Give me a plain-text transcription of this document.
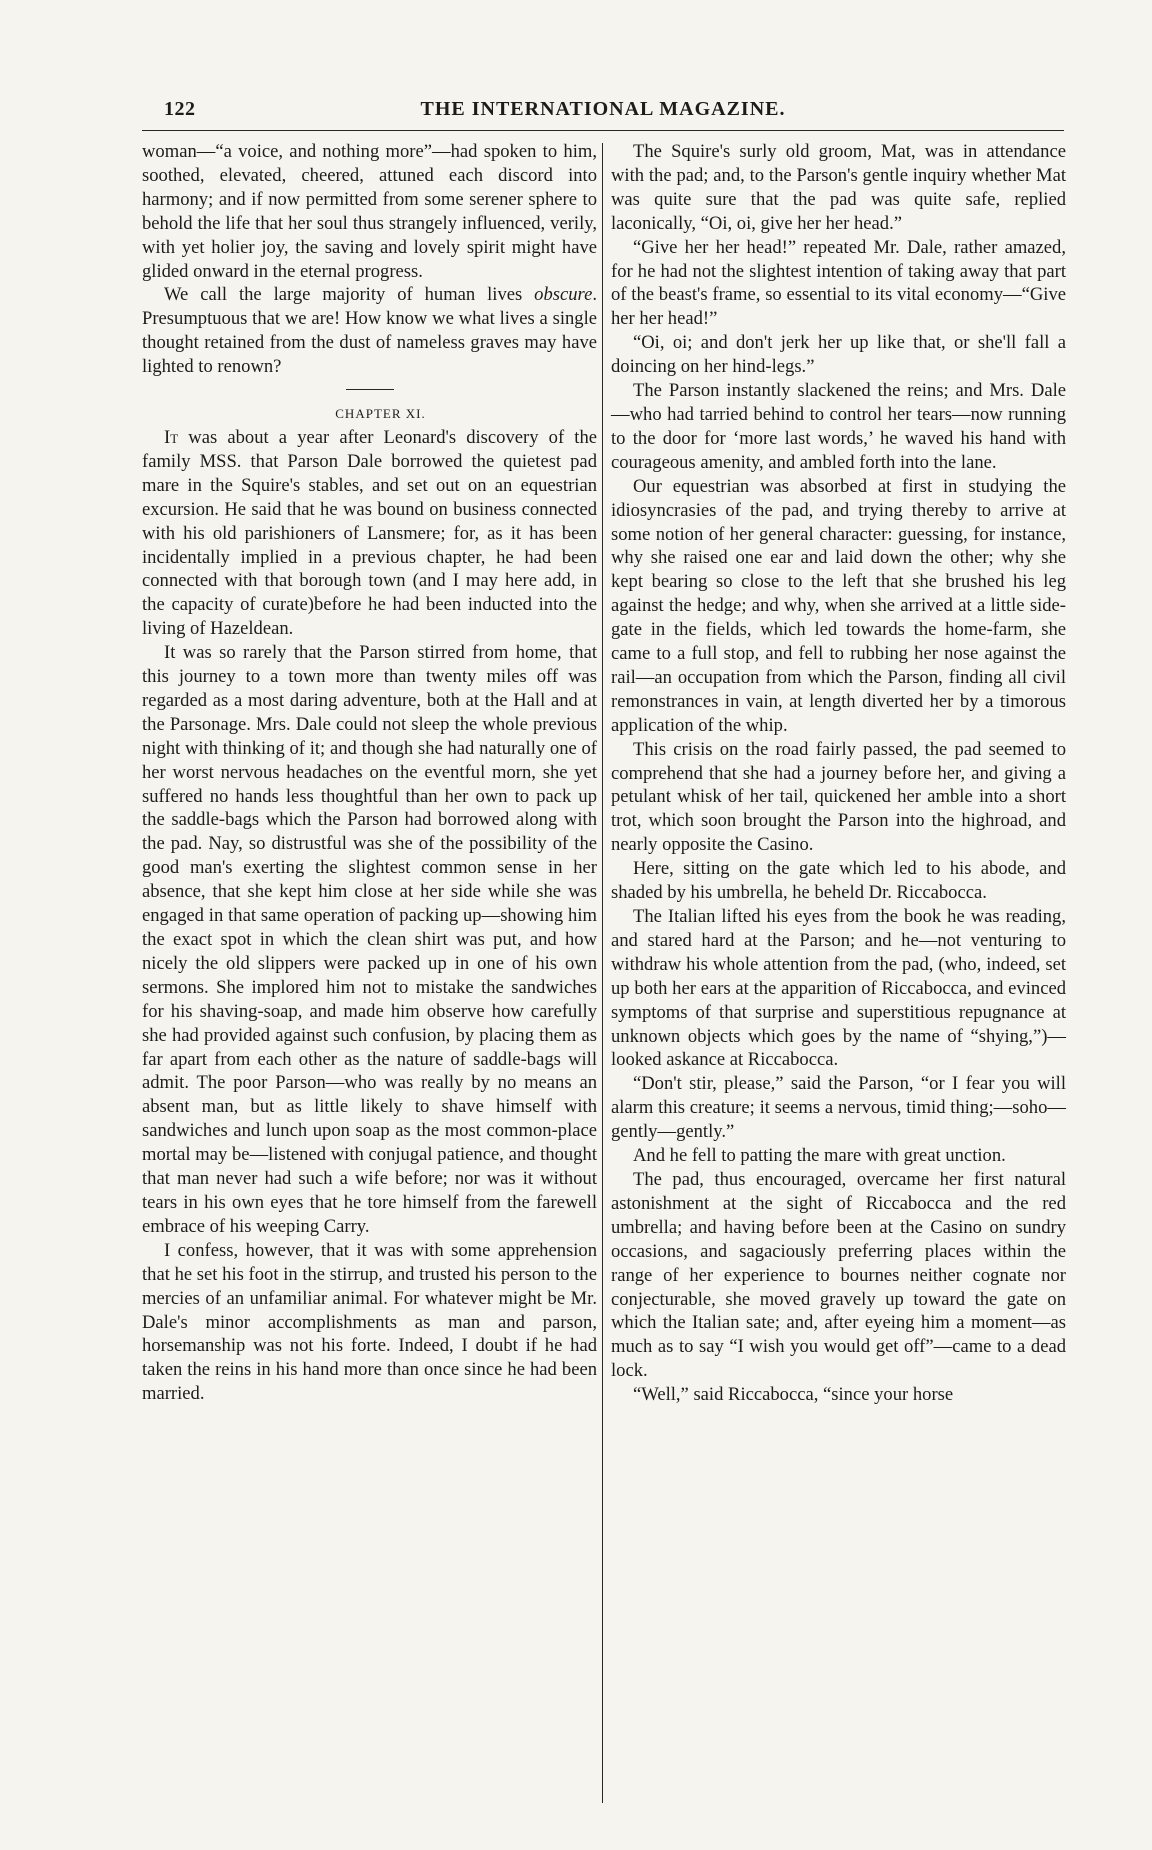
122	THE INTERNATIONAL MAGAZINE.

woman—“a voice, and nothing more”—had spoken to him, soothed, elevated, cheered, attuned each discord into harmony; and if now permitted from some serener sphere to behold the life that her soul thus strangely influenced, verily, with yet holier joy, the saving and lovely spirit might have glided onward in the eternal progress.

We call the large majority of human lives obscure. Presumptuous that we are! How know we what lives a single thought retained from the dust of nameless graves may have lighted to renown?

CHAPTER XI.

It was about a year after Leonard's discovery of the family MSS. that Parson Dale borrowed the quietest pad mare in the Squire's stables, and set out on an equestrian excursion. He said that he was bound on business connected with his old parishioners of Lansmere; for, as it has been incidentally implied in a previous chapter, he had been connected with that borough town (and I may here add, in the capacity of curate)before he had been inducted into the living of Hazeldean.

It was so rarely that the Parson stirred from home, that this journey to a town more than twenty miles off was regarded as a most daring adventure, both at the Hall and at the Parsonage. Mrs. Dale could not sleep the whole previous night with thinking of it; and though she had naturally one of her worst nervous headaches on the eventful morn, she yet suffered no hands less thoughtful than her own to pack up the saddle-bags which the Parson had borrowed along with the pad. Nay, so distrustful was she of the possibility of the good man's exerting the slightest common sense in her absence, that she kept him close at her side while she was engaged in that same operation of packing up—showing him the exact spot in which the clean shirt was put, and how nicely the old slippers were packed up in one of his own sermons. She implored him not to mistake the sandwiches for his shaving-soap, and made him observe how carefully she had provided against such confusion, by placing them as far apart from each other as the nature of saddle-bags will admit. The poor Parson—who was really by no means an absent man, but as little likely to shave himself with sandwiches and lunch upon soap as the most common-place mortal may be—listened with conjugal patience, and thought that man never had such a wife before; nor was it without tears in his own eyes that he tore himself from the farewell embrace of his weeping Carry.

I confess, however, that it was with some apprehension that he set his foot in the stirrup, and trusted his person to the mercies of an unfamiliar animal. For whatever might be Mr. Dale's minor accomplishments as man and parson, horsemanship was not his forte. Indeed, I doubt if he had taken the reins in his hand more than once since he had been married.

The Squire's surly old groom, Mat, was in attendance with the pad; and, to the Parson's gentle inquiry whether Mat was quite sure that the pad was quite safe, replied laconically, “Oi, oi, give her her head.”

“Give her her head!” repeated Mr. Dale, rather amazed, for he had not the slightest intention of taking away that part of the beast's frame, so essential to its vital economy—“Give her her head!”

“Oi, oi; and don't jerk her up like that, or she'll fall a doincing on her hind-legs.”

The Parson instantly slackened the reins; and Mrs. Dale—who had tarried behind to control her tears—now running to the door for ‘more last words,’ he waved his hand with courageous amenity, and ambled forth into the lane.

Our equestrian was absorbed at first in studying the idiosyncrasies of the pad, and trying thereby to arrive at some notion of her general character: guessing, for instance, why she raised one ear and laid down the other; why she kept bearing so close to the left that she brushed his leg against the hedge; and why, when she arrived at a little side-gate in the fields, which led towards the home-farm, she came to a full stop, and fell to rubbing her nose against the rail—an occupation from which the Parson, finding all civil remonstrances in vain, at length diverted her by a timorous application of the whip.

This crisis on the road fairly passed, the pad seemed to comprehend that she had a journey before her, and giving a petulant whisk of her tail, quickened her amble into a short trot, which soon brought the Parson into the highroad, and nearly opposite the Casino.

Here, sitting on the gate which led to his abode, and shaded by his umbrella, he beheld Dr. Riccabocca.

The Italian lifted his eyes from the book he was reading, and stared hard at the Parson; and he—not venturing to withdraw his whole attention from the pad, (who, indeed, set up both her ears at the apparition of Riccabocca, and evinced symptoms of that surprise and superstitious repugnance at unknown objects which goes by the name of “shying,”)—looked askance at Riccabocca.

“Don't stir, please,” said the Parson, “or I fear you will alarm this creature; it seems a nervous, timid thing;—soho—gently—gently.”

And he fell to patting the mare with great unction.

The pad, thus encouraged, overcame her first natural astonishment at the sight of Riccabocca and the red umbrella; and having before been at the Casino on sundry occasions, and sagaciously preferring places within the range of her experience to bournes neither cognate nor conjecturable, she moved gravely up toward the gate on which the Italian sate; and, after eyeing him a moment—as much as to say “I wish you would get off”—came to a dead lock.

“Well,” said Riccabocca, “since your horse
